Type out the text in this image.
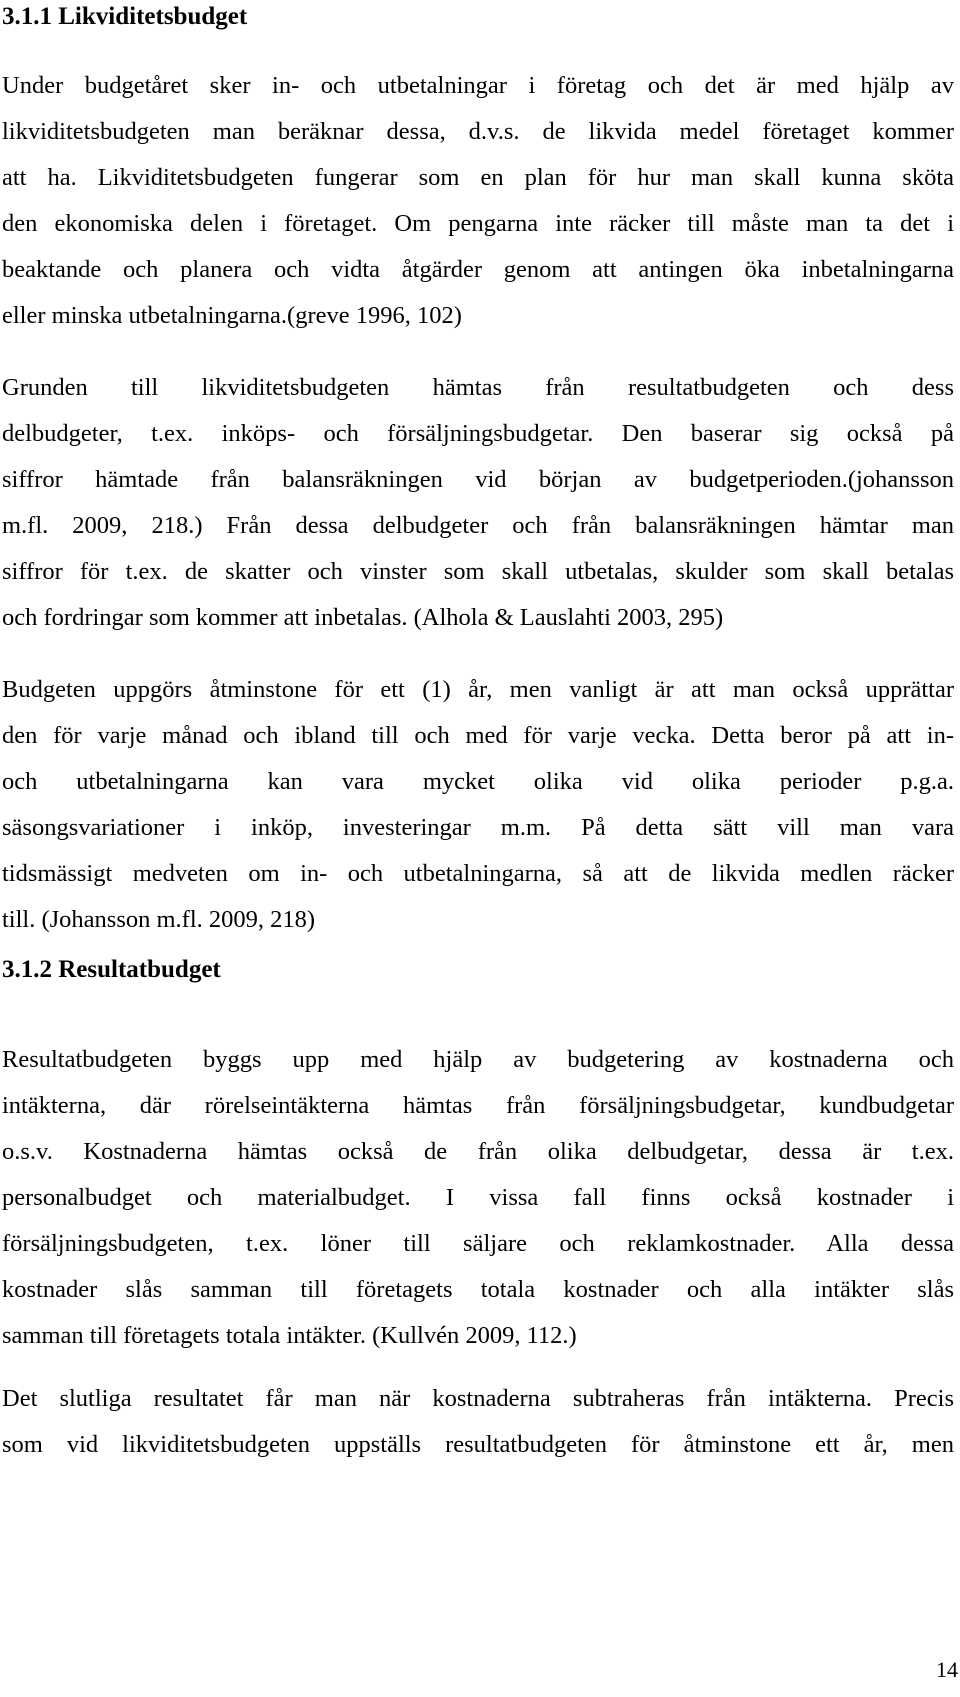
3.1.1 Likviditetsbudget

Under budgetåret sker in- och utbetalningar i företag och det är med hjälp av
likviditetsbudgeten man beräknar dessa, d.v.s. de likvida medel företaget kommer
att ha. Likviditetsbudgeten fungerar som en plan för hur man skall kunna sköta
den ekonomiska delen i företaget. Om pengarna inte räcker till måste man ta det i
beaktande och planera och vidta åtgärder genom att antingen öka inbetalningarna
eller minska utbetalningarna.(greve 1996, 102)

Grunden till likviditetsbudgeten hämtas från resultatbudgeten och dess
delbudgeter, t.ex. inköps- och försäljningsbudgetar. Den baserar sig också på
siffror hämtade från balansräkningen vid början av budgetperioden.(johansson
m.fl. 2009, 218.) Från dessa delbudgeter och från balansräkningen hämtar man
siffror för t.ex. de skatter och vinster som skall utbetalas, skulder som skall betalas
och fordringar som kommer att inbetalas. (Alhola & Lauslahti 2003, 295)

Budgeten uppgörs åtminstone för ett (1) år, men vanligt är att man också upprättar
den för varje månad och ibland till och med för varje vecka. Detta beror på att in-
och utbetalningarna kan vara mycket olika vid olika perioder p.g.a.
säsongsvariationer i inköp, investeringar m.m. På detta sätt vill man vara
tidsmässigt medveten om in- och utbetalningarna, så att de likvida medlen räcker
till. (Johansson m.fl. 2009, 218)

3.1.2 Resultatbudget

Resultatbudgeten byggs upp med hjälp av budgetering av kostnaderna och
intäkterna, där rörelseintäkterna hämtas från försäljningsbudgetar, kundbudgetar
o.s.v. Kostnaderna hämtas också de från olika delbudgetar, dessa är t.ex.
personalbudget och materialbudget. I vissa fall finns också kostnader i
försäljningsbudgeten, t.ex. löner till säljare och reklamkostnader. Alla dessa
kostnader slås samman till företagets totala kostnader och alla intäkter slås
samman till företagets totala intäkter. (Kullvén 2009, 112.)

Det slutliga resultatet får man när kostnaderna subtraheras från intäkterna. Precis
som vid likviditetsbudgeten uppställs resultatbudgeten för åtminstone ett år, men

14
